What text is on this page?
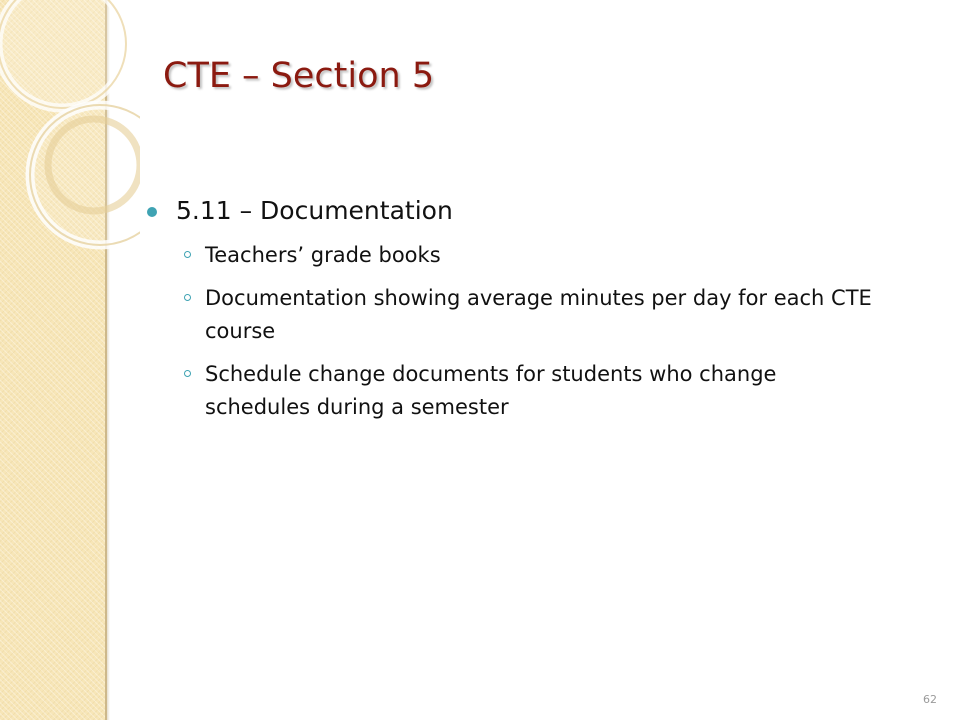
CTE – Section 5
5.11 – Documentation
Teachers’ grade books
Documentation showing average minutes per day for each CTE course
Schedule change documents for students who change schedules during a semester
62
